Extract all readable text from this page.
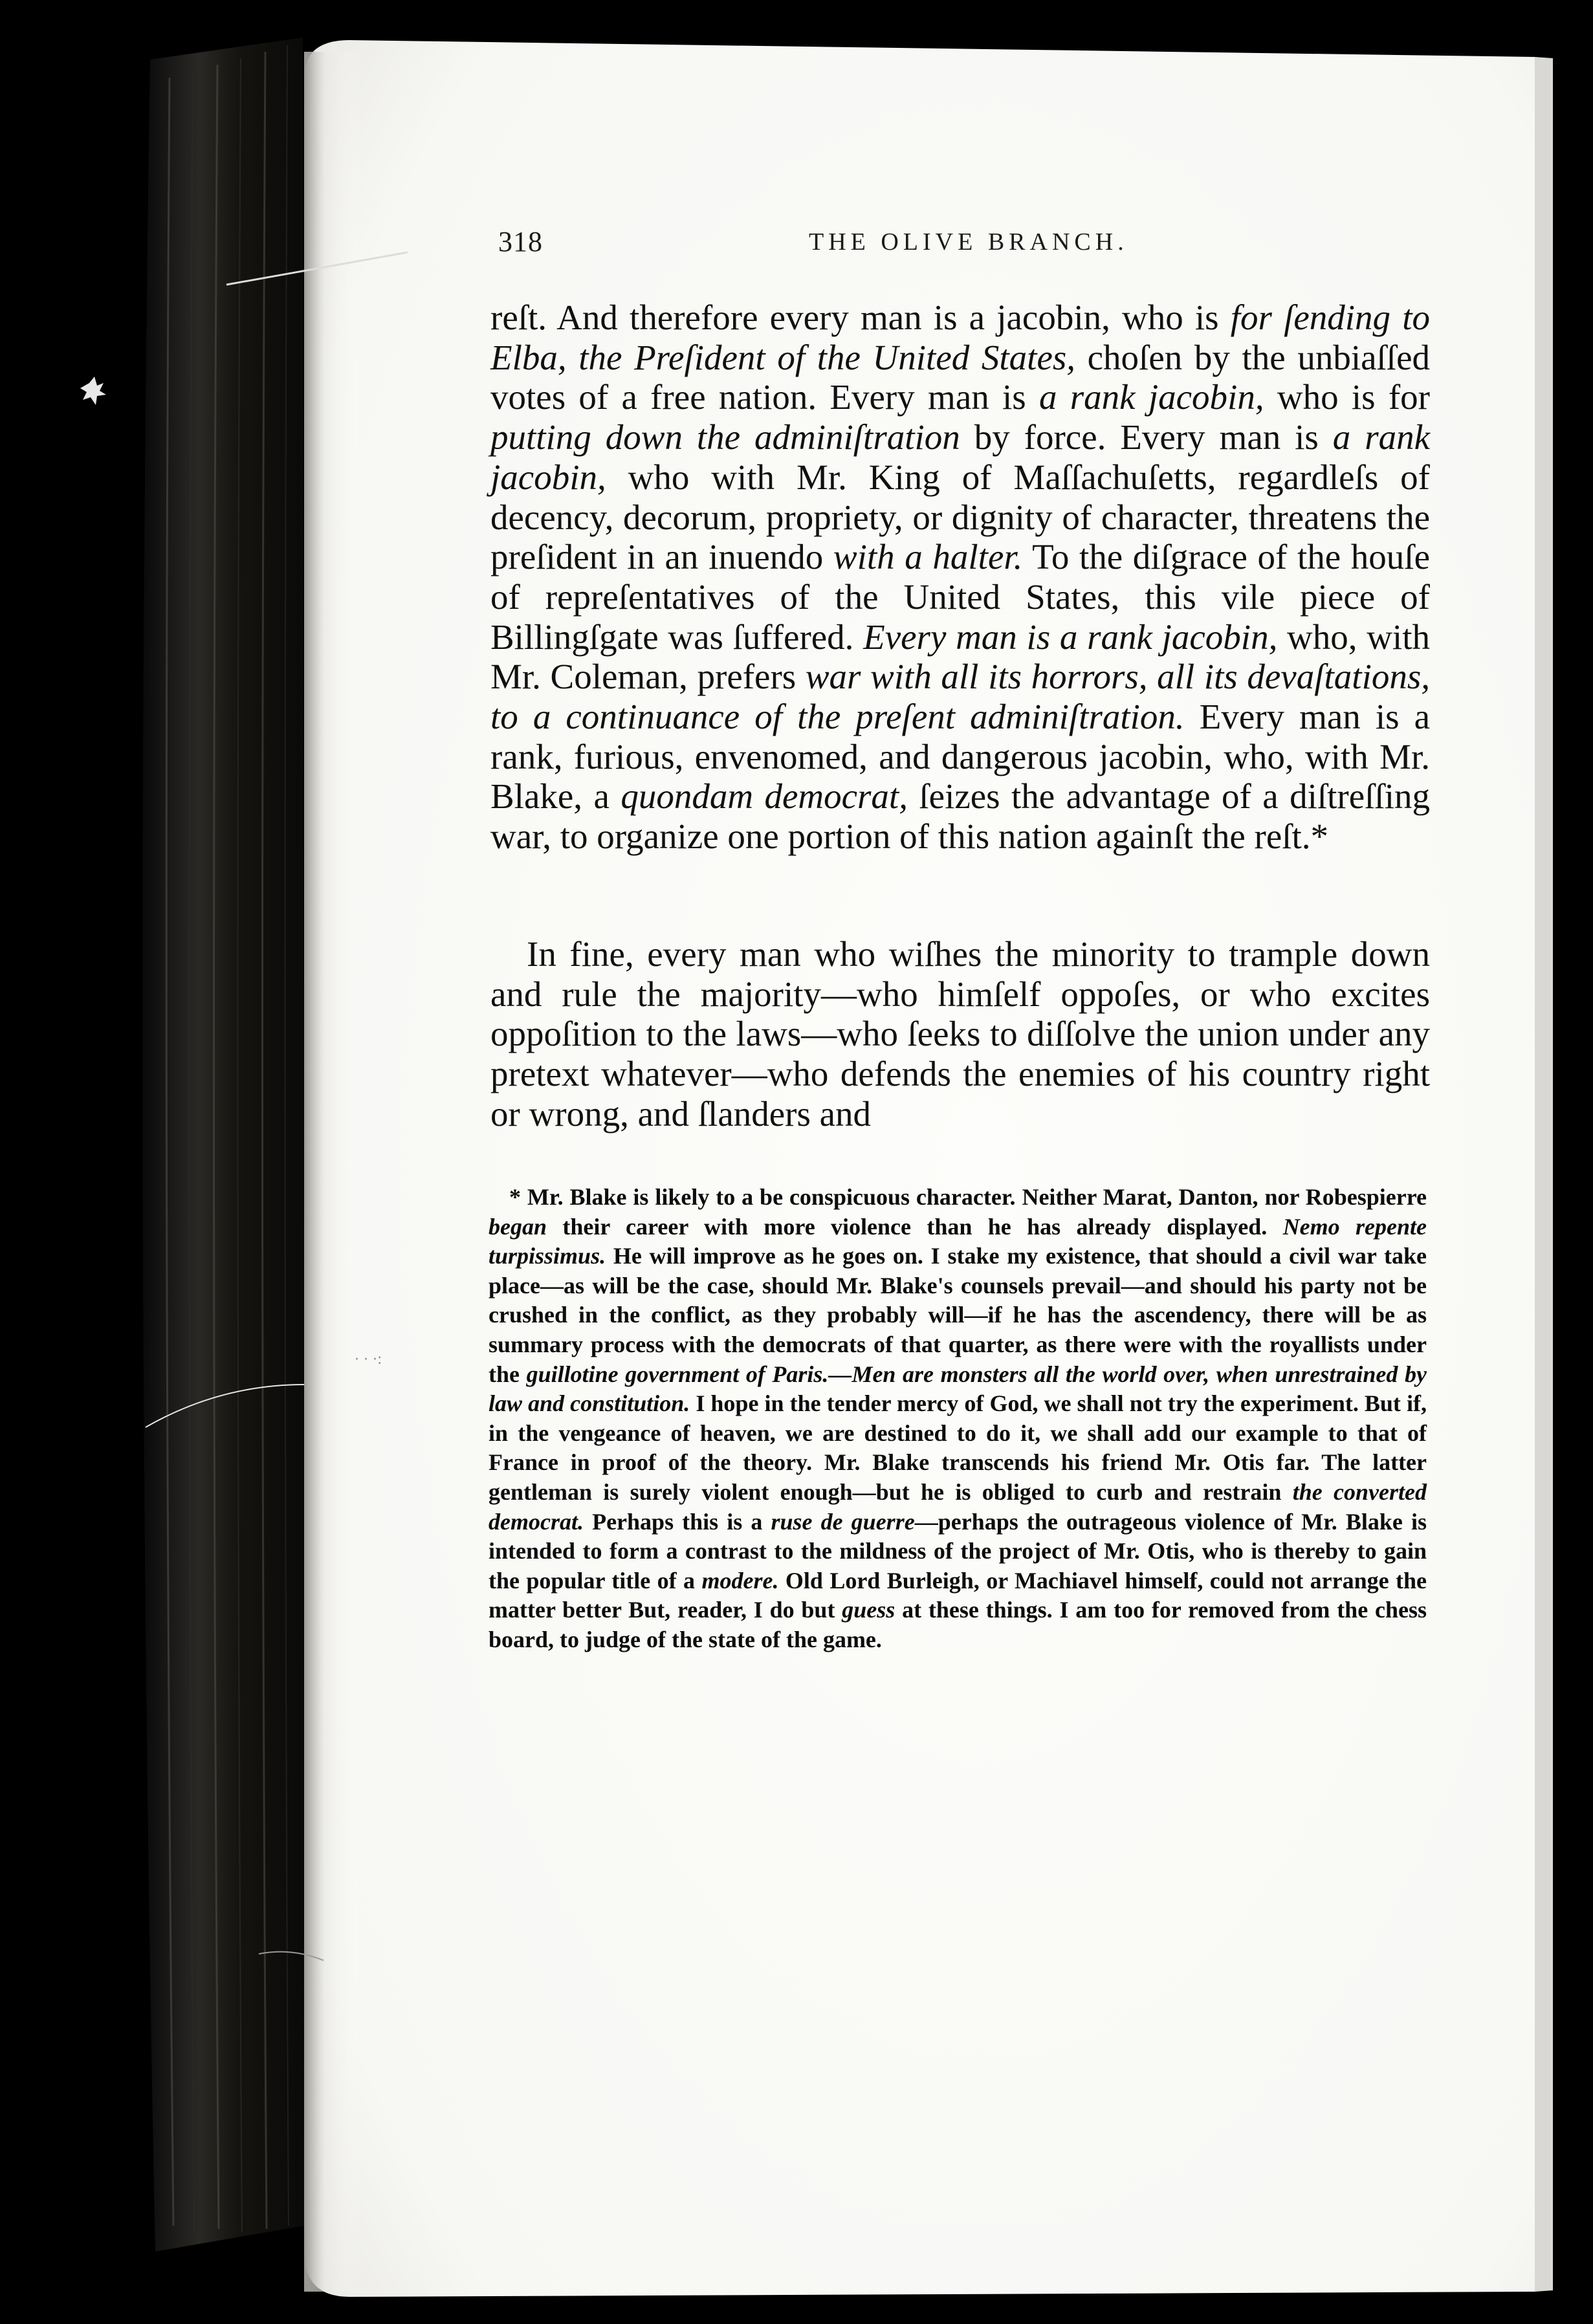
· · ·:
318	THE OLIVE BRANCH.

reſt. And therefore every man is a jacobin, who is for ſending to Elba, the Preſident of the United States, choſen by the unbiaſſed votes of a free nation. Every man is a rank jacobin, who is for putting down the adminiſtration by force. Every man is a rank jacobin, who with Mr. King of Maſſachuſetts, regardleſs of decency, decorum, propriety, or dignity of character, threatens the preſident in an inuendo with a halter. To the diſgrace of the houſe of repreſentatives of the United States, this vile piece of Billingſgate was ſuffered. Every man is a rank jacobin, who, with Mr. Coleman, prefers war with all its horrors, all its devaſtations, to a continuance of the preſent adminiſtration. Every man is a rank, furious, envenomed, and dangerous jacobin, who, with Mr. Blake, a quondam democrat, ſeizes the advantage of a diſtreſſing war, to organize one portion of this nation againſt the reſt.*

In fine, every man who wiſhes the minority to trample down and rule the majority—who himſelf oppoſes, or who excites oppoſition to the laws—who ſeeks to diſſolve the union under any pretext whatever—who defends the enemies of his country right or wrong, and ſlanders and

* Mr. Blake is likely to a be conspicuous character. Neither Marat, Danton, nor Robespierre began their career with more violence than he has already displayed. Nemo repente turpissimus. He will improve as he goes on. I stake my existence, that should a civil war take place—as will be the case, should Mr. Blake's counsels prevail—and should his party not be crushed in the conflict, as they probably will—if he has the ascendency, there will be as summary process with the democrats of that quarter, as there were with the royallists under the guillotine government of Paris.—Men are monsters all the world over, when unrestrained by law and constitution. I hope in the tender mercy of God, we shall not try the experiment. But if, in the vengeance of heaven, we are destined to do it, we shall add our example to that of France in proof of the theory. Mr. Blake transcends his friend Mr. Otis far. The latter gentleman is surely violent enough—but he is obliged to curb and restrain the converted democrat. Perhaps this is a ruse de guerre—perhaps the outrageous violence of Mr. Blake is intended to form a contrast to the mildness of the project of Mr. Otis, who is thereby to gain the popular title of a modere. Old Lord Burleigh, or Machiavel himself, could not arrange the matter better But, reader, I do but guess at these things. I am too for removed from the chess board, to judge of the state of the game.
